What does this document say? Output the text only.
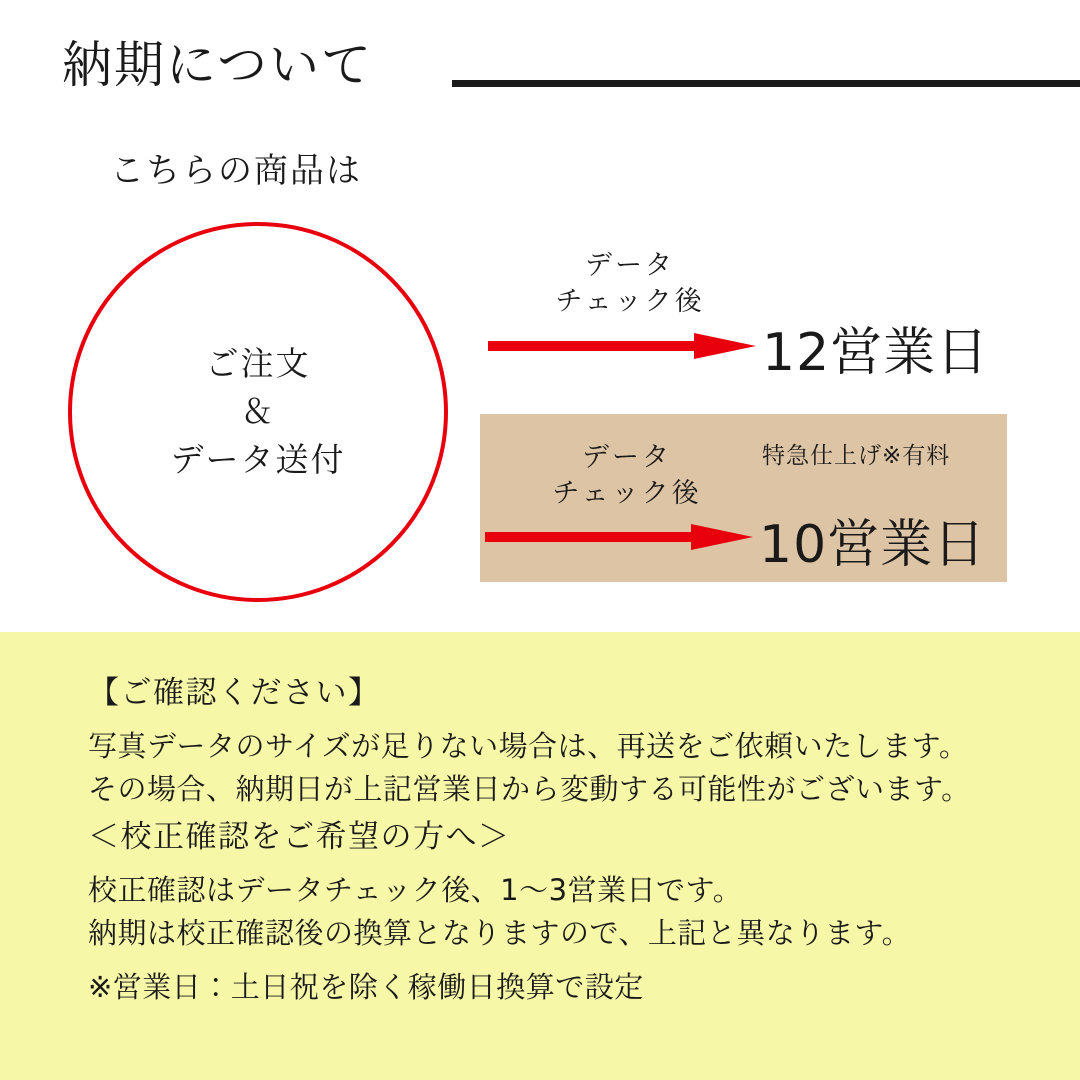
納期について
こちらの商品は
ご注文
＆
データ送付
データ
チェック後
12営業日
データ
チェック後
特急仕上げ※有料
10営業日
【ご確認ください】
写真データのサイズが足りない場合は、再送をご依頼いたします。
その場合、納期日が上記営業日から変動する可能性がございます。
＜校正確認をご希望の方へ＞
校正確認はデータチェック後、1〜3営業日です。
納期は校正確認後の換算となりますので、上記と異なります。
※営業日：土日祝を除く稼働日換算で設定
